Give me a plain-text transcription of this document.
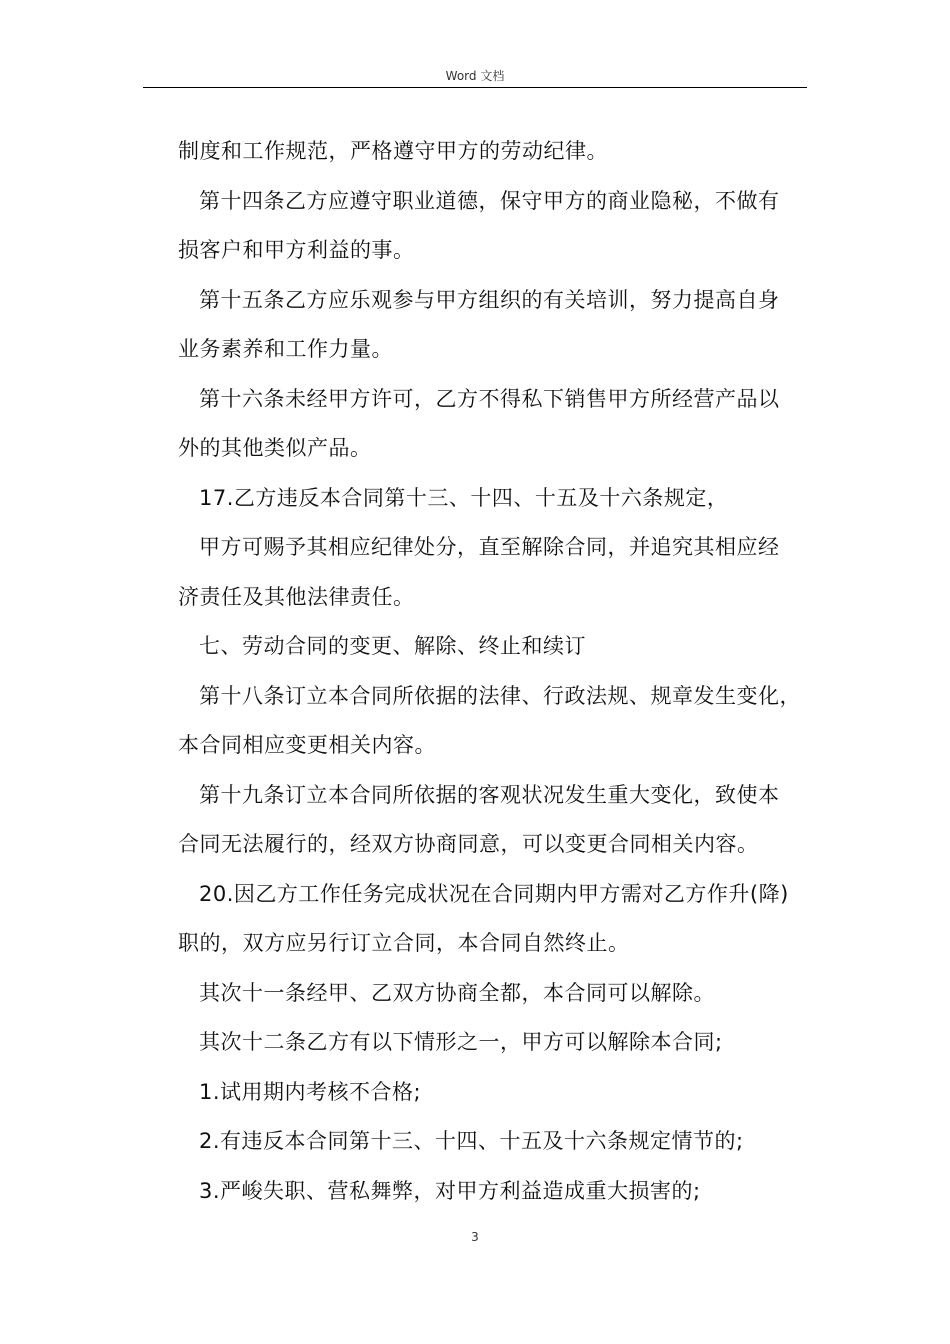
Word 文档

制度和工作规范，严格遵守甲方的劳动纪律。

第十四条乙方应遵守职业道德，保守甲方的商业隐秘，不做有

损客户和甲方利益的事。

第十五条乙方应乐观参与甲方组织的有关培训，努力提高自身

业务素养和工作力量。

第十六条未经甲方许可，乙方不得私下销售甲方所经营产品以

外的其他类似产品。

17.乙方违反本合同第十三、十四、十五及十六条规定，

甲方可赐予其相应纪律处分，直至解除合同，并追究其相应经

济责任及其他法律责任。

七、劳动合同的变更、解除、终止和续订

第十八条订立本合同所依据的法律、行政法规、规章发生变化，

本合同相应变更相关内容。

第十九条订立本合同所依据的客观状况发生重大变化，致使本

合同无法履行的，经双方协商同意，可以变更合同相关内容。

20.因乙方工作任务完成状况在合同期内甲方需对乙方作升(降)

职的，双方应另行订立合同，本合同自然终止。

其次十一条经甲、乙双方协商全都，本合同可以解除。

其次十二条乙方有以下情形之一，甲方可以解除本合同;

1.试用期内考核不合格;

2.有违反本合同第十三、十四、十五及十六条规定情节的;

3.严峻失职、营私舞弊，对甲方利益造成重大损害的;

3
